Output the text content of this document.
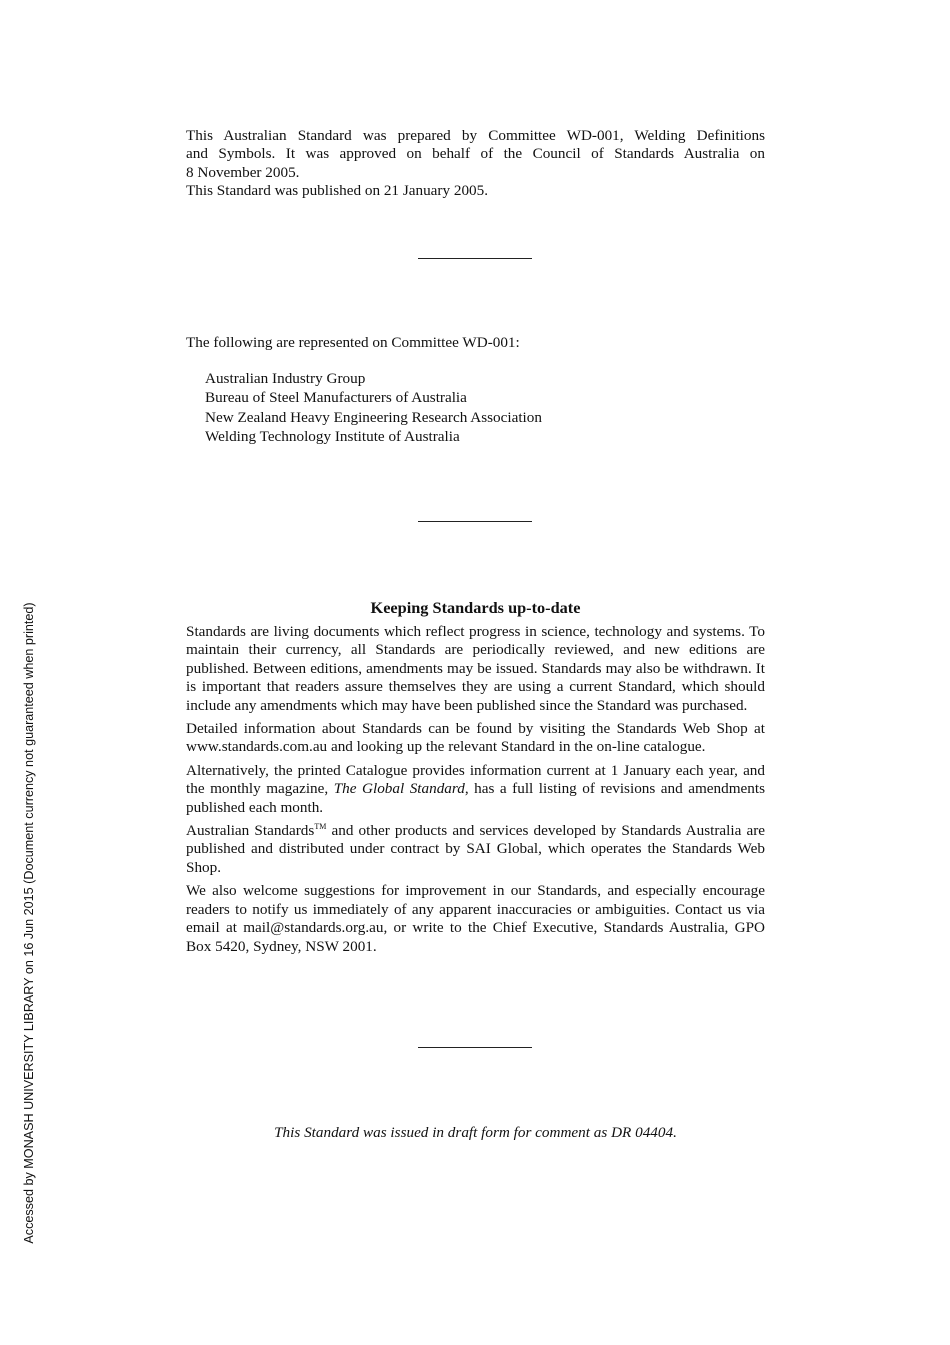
This Australian Standard was prepared by Committee WD-001, Welding Definitions
and Symbols. It was approved on behalf of the Council of Standards Australia on
8 November 2005.
This Standard was published on 21 January 2005.
The following are represented on Committee WD-001:
Australian Industry Group
Bureau of Steel Manufacturers of Australia
New Zealand Heavy Engineering Research Association
Welding Technology Institute of Australia
Keeping Standards up-to-date

Standards are living documents which reflect progress in science, technology and systems. To maintain their currency, all Standards are periodically reviewed, and new editions are published. Between editions, amendments may be issued. Standards may also be withdrawn. It is important that readers assure themselves they are using a current Standard, which should include any amendments which may have been published since the Standard was purchased.

Detailed information about Standards can be found by visiting the Standards Web Shop at www.standards.com.au and looking up the relevant Standard in the on-line catalogue.

Alternatively, the printed Catalogue provides information current at 1 January each year, and the monthly magazine, The Global Standard, has a full listing of revisions and amendments published each month.

Australian Standards™ and other products and services developed by Standards Australia are published and distributed under contract by SAI Global, which operates the Standards Web Shop.

We also welcome suggestions for improvement in our Standards, and especially encourage readers to notify us immediately of any apparent inaccuracies or ambiguities. Contact us via email at mail@standards.org.au, or write to the Chief Executive, Standards Australia, GPO Box 5420, Sydney, NSW 2001.

This Standard was issued in draft form for comment as DR 04404.
Accessed by MONASH UNIVERSITY LIBRARY on 16 Jun 2015 (Document currency not guaranteed when printed)
